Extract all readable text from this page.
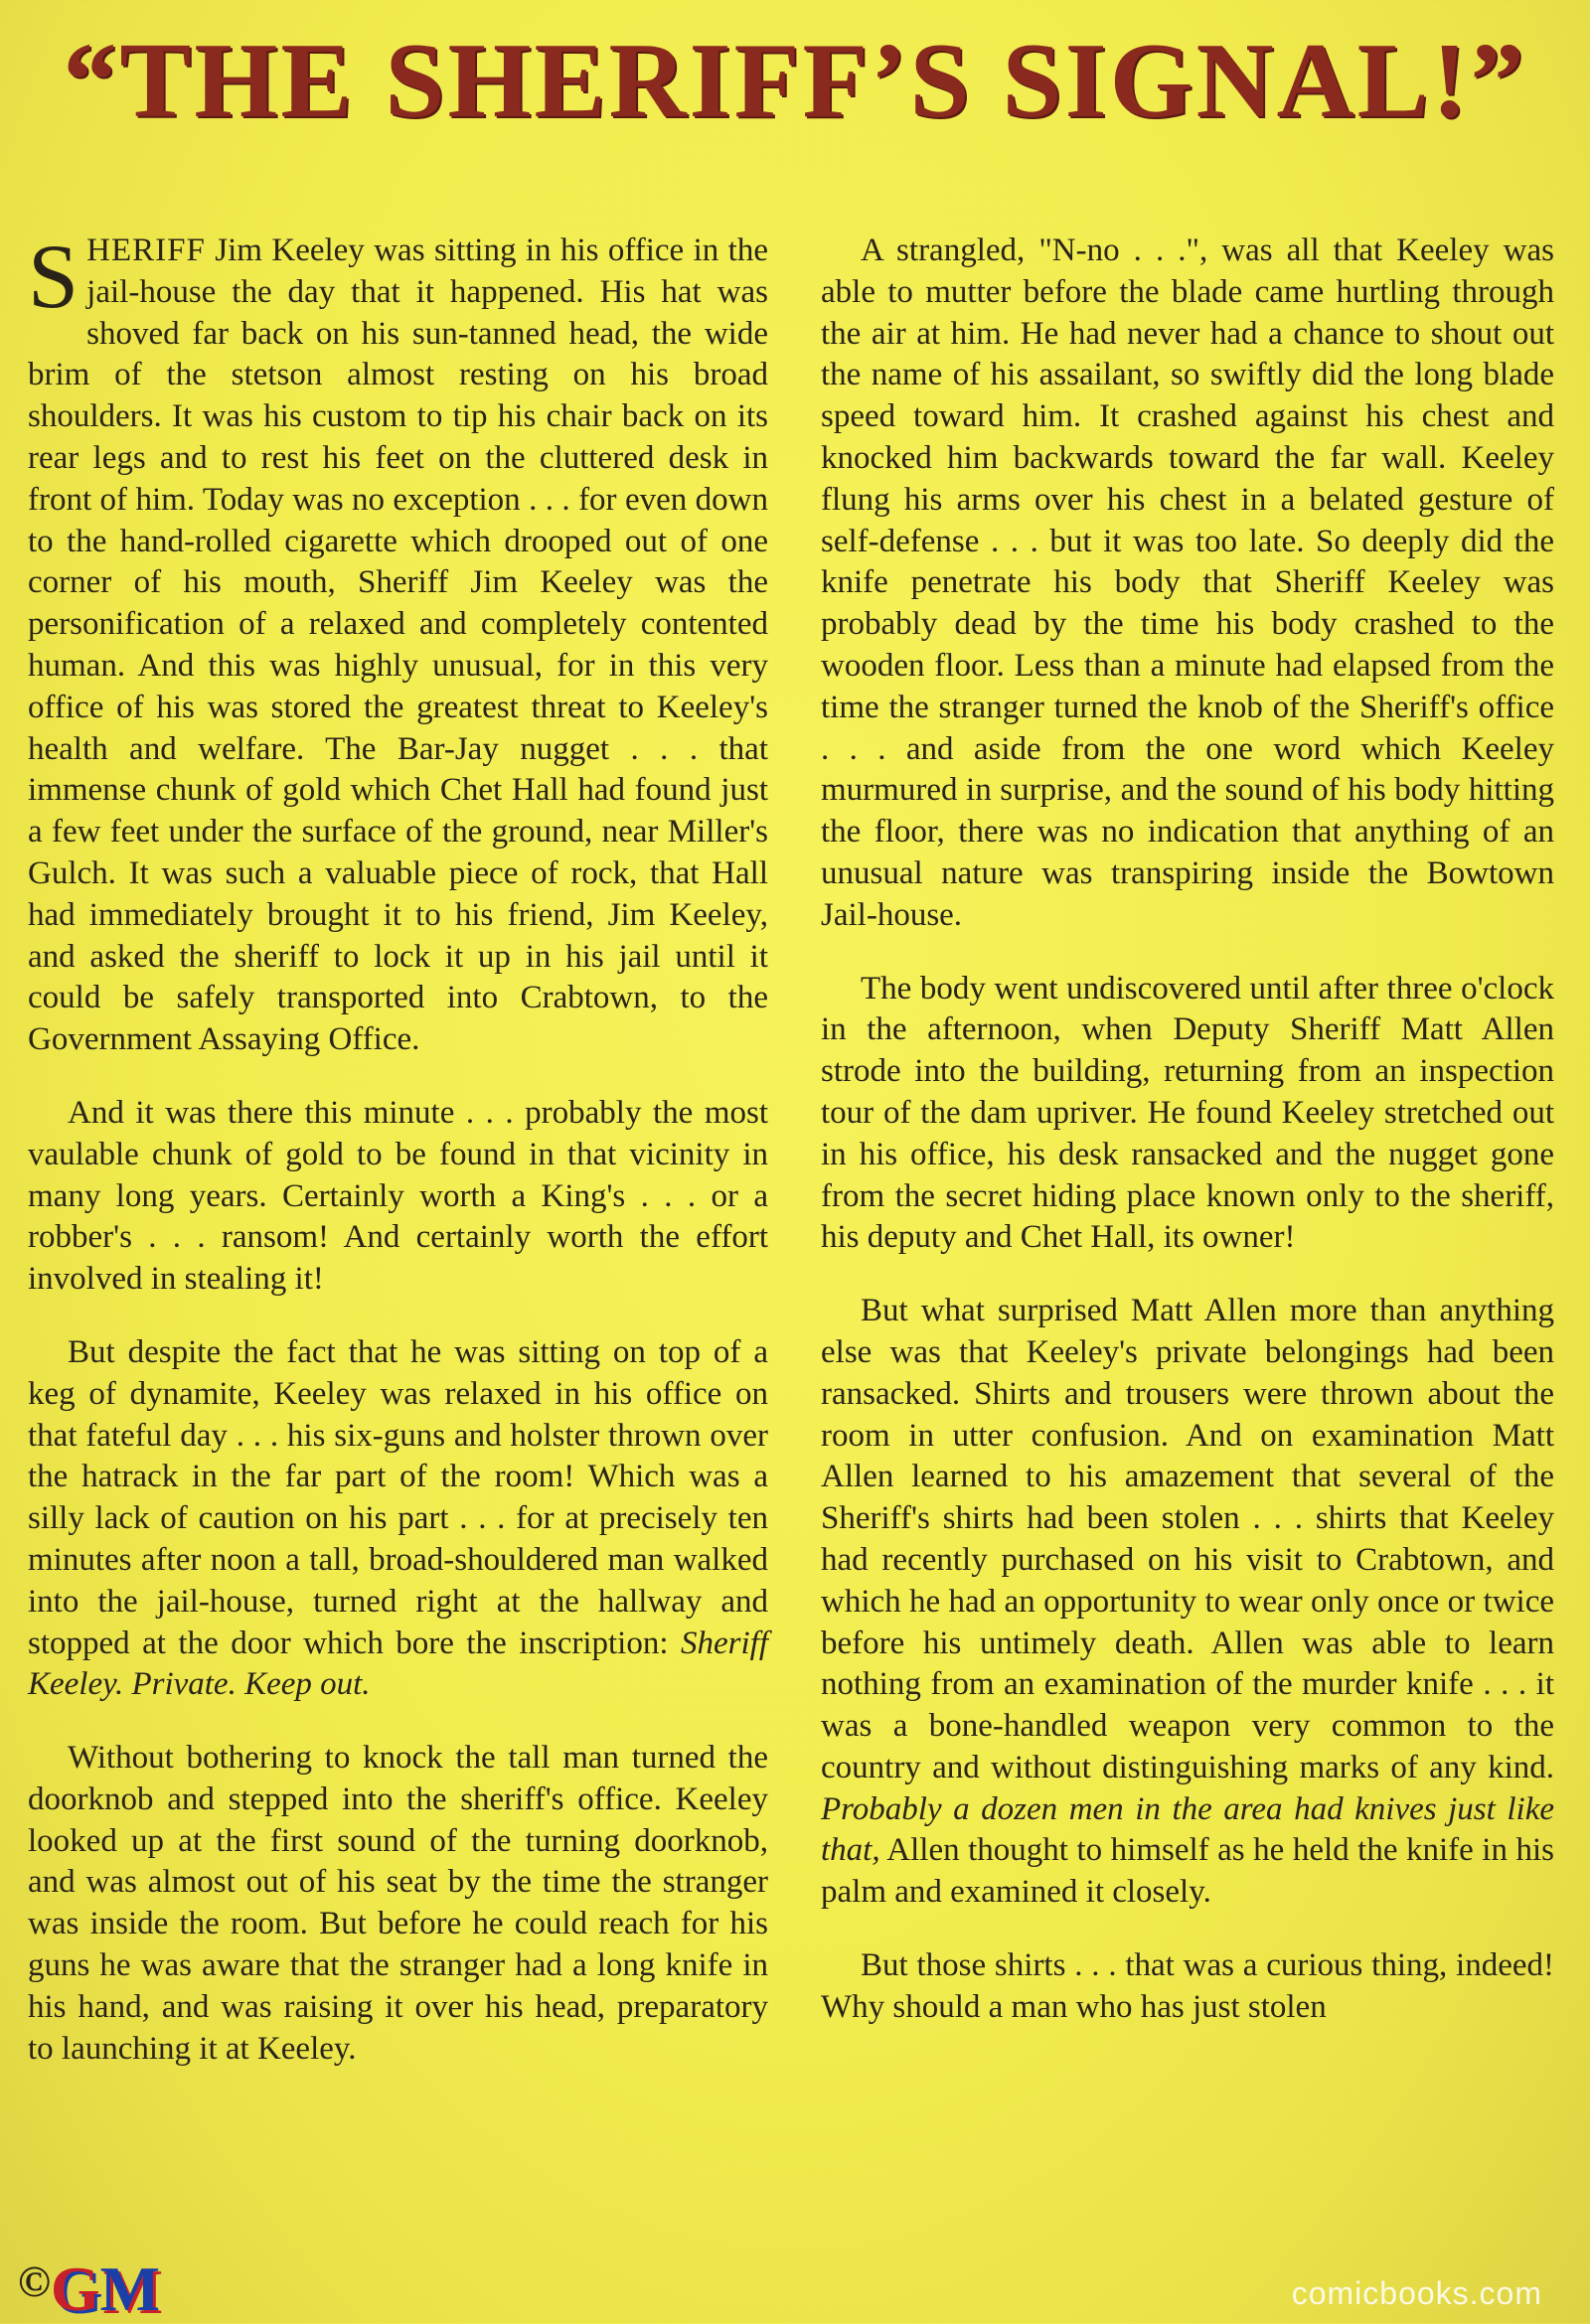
“THE SHERIFF’S SIGNAL!”

SHERIFF Jim Keeley was sitting in his office in the jail-house the day that it happened. His hat was shoved far back on his sun-tanned head, the wide brim of the stetson almost resting on his broad shoulders. It was his custom to tip his chair back on its rear legs and to rest his feet on the cluttered desk in front of him. Today was no exception . . . for even down to the hand-rolled cigarette which drooped out of one corner of his mouth, Sheriff Jim Keeley was the personification of a relaxed and completely contented human. And this was highly unusual, for in this very office of his was stored the greatest threat to Keeley's health and welfare. The Bar-Jay nugget . . . that immense chunk of gold which Chet Hall had found just a few feet under the surface of the ground, near Miller's Gulch. It was such a valuable piece of rock, that Hall had immediately brought it to his friend, Jim Keeley, and asked the sheriff to lock it up in his jail until it could be safely transported into Crabtown, to the Government Assaying Office.

And it was there this minute . . . probably the most vaulable chunk of gold to be found in that vicinity in many long years. Certainly worth a King's . . . or a robber's . . . ransom! And certainly worth the effort involved in stealing it!

But despite the fact that he was sitting on top of a keg of dynamite, Keeley was relaxed in his office on that fateful day . . . his six-guns and holster thrown over the hatrack in the far part of the room! Which was a silly lack of caution on his part . . . for at precisely ten minutes after noon a tall, broad-shouldered man walked into the jail-house, turned right at the hallway and stopped at the door which bore the inscription: Sheriff Keeley. Private. Keep out.

Without bothering to knock the tall man turned the doorknob and stepped into the sheriff's office. Keeley looked up at the first sound of the turning doorknob, and was almost out of his seat by the time the stranger was inside the room. But before he could reach for his guns he was aware that the stranger had a long knife in his hand, and was raising it over his head, preparatory to launching it at Keeley.

A strangled, "N-no . . .", was all that Keeley was able to mutter before the blade came hurtling through the air at him. He had never had a chance to shout out the name of his assailant, so swiftly did the long blade speed toward him. It crashed against his chest and knocked him backwards toward the far wall. Keeley flung his arms over his chest in a belated gesture of self-defense . . . but it was too late. So deeply did the knife penetrate his body that Sheriff Keeley was probably dead by the time his body crashed to the wooden floor. Less than a minute had elapsed from the time the stranger turned the knob of the Sheriff's office . . . and aside from the one word which Keeley murmured in surprise, and the sound of his body hitting the floor, there was no indication that anything of an unusual nature was transpiring inside the Bowtown Jail-house.

The body went undiscovered until after three o'clock in the afternoon, when Deputy Sheriff Matt Allen strode into the building, returning from an inspection tour of the dam upriver. He found Keeley stretched out in his office, his desk ransacked and the nugget gone from the secret hiding place known only to the sheriff, his deputy and Chet Hall, its owner!

But what surprised Matt Allen more than anything else was that Keeley's private belongings had been ransacked. Shirts and trousers were thrown about the room in utter confusion. And on examination Matt Allen learned to his amazement that several of the Sheriff's shirts had been stolen . . . shirts that Keeley had recently purchased on his visit to Crabtown, and which he had an opportunity to wear only once or twice before his untimely death. Allen was able to learn nothing from an examination of the murder knife . . . it was a bone-handled weapon very common to the country and without distinguishing marks of any kind. Probably a dozen men in the area had knives just like that, Allen thought to himself as he held the knife in his palm and examined it closely.

But those shirts . . . that was a curious thing, indeed! Why should a man who has just stolen

©GM	comicbooks.com
